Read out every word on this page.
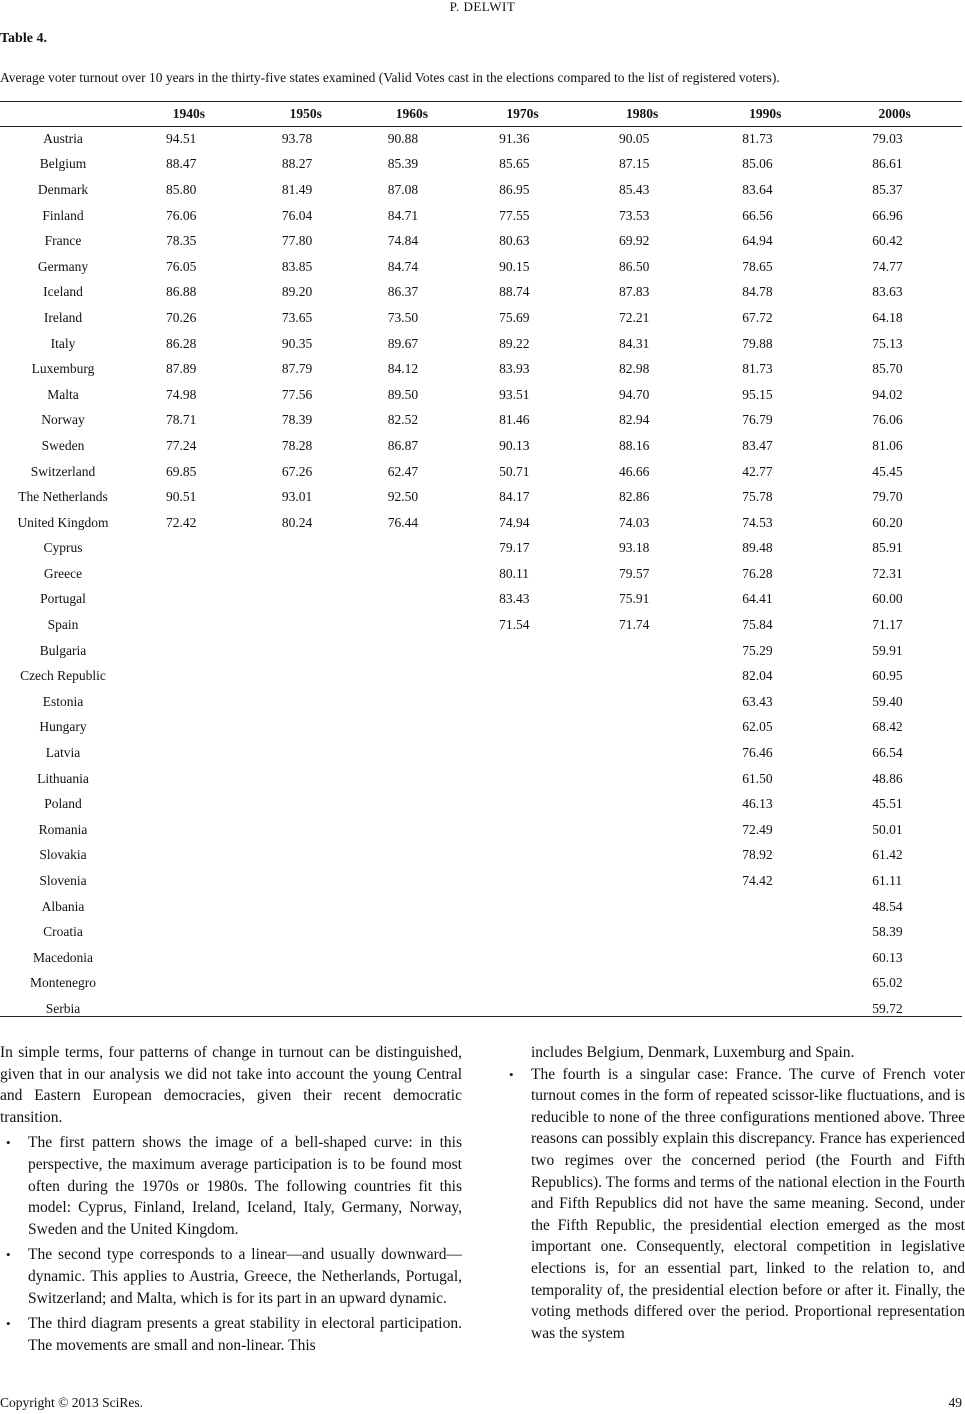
P. DELWIT
Table 4.
Average voter turnout over 10 years in the thirty-five states examined (Valid Votes cast in the elections compared to the list of registered voters).
	1940s	1950s	1960s	1970s	1980s	1990s	2000s
Austria	94.51	93.78	90.88	91.36	90.05	81.73	79.03
Belgium	88.47	88.27	85.39	85.65	87.15	85.06	86.61
Denmark	85.80	81.49	87.08	86.95	85.43	83.64	85.37
Finland	76.06	76.04	84.71	77.55	73.53	66.56	66.96
France	78.35	77.80	74.84	80.63	69.92	64.94	60.42
Germany	76.05	83.85	84.74	90.15	86.50	78.65	74.77
Iceland	86.88	89.20	86.37	88.74	87.83	84.78	83.63
Ireland	70.26	73.65	73.50	75.69	72.21	67.72	64.18
Italy	86.28	90.35	89.67	89.22	84.31	79.88	75.13
Luxemburg	87.89	87.79	84.12	83.93	82.98	81.73	85.70
Malta	74.98	77.56	89.50	93.51	94.70	95.15	94.02
Norway	78.71	78.39	82.52	81.46	82.94	76.79	76.06
Sweden	77.24	78.28	86.87	90.13	88.16	83.47	81.06
Switzerland	69.85	67.26	62.47	50.71	46.66	42.77	45.45
The Netherlands	90.51	93.01	92.50	84.17	82.86	75.78	79.70
United Kingdom	72.42	80.24	76.44	74.94	74.03	74.53	60.20
Cyprus				79.17	93.18	89.48	85.91
Greece				80.11	79.57	76.28	72.31
Portugal				83.43	75.91	64.41	60.00
Spain				71.54	71.74	75.84	71.17
Bulgaria						75.29	59.91
Czech Republic						82.04	60.95
Estonia						63.43	59.40
Hungary						62.05	68.42
Latvia						76.46	66.54
Lithuania						61.50	48.86
Poland						46.13	45.51
Romania						72.49	50.01
Slovakia						78.92	61.42
Slovenia						74.42	61.11
Albania							48.54
Croatia							58.39
Macedonia							60.13
Montenegro							65.02
Serbia							59.72

In simple terms, four patterns of change in turnout can be distinguished, given that in our analysis we did not take into account the young Central and Eastern European democracies, given their recent democratic transition.

• The first pattern shows the image of a bell-shaped curve: in this perspective, the maximum average participation is to be found most often during the 1970s or 1980s. The following countries fit this model: Cyprus, Finland, Ireland, Iceland, Italy, Germany, Norway, Sweden and the United Kingdom.
• The second type corresponds to a linear—and usually downward—dynamic. This applies to Austria, Greece, the Netherlands, Portugal, Switzerland; and Malta, which is for its part in an upward dynamic.
• The third diagram presents a great stability in electoral participation. The movements are small and non-linear. This

includes Belgium, Denmark, Luxemburg and Spain.

• The fourth is a singular case: France. The curve of French voter turnout comes in the form of repeated scissor-like fluctuations, and is reducible to none of the three configurations mentioned above. Three reasons can possibly explain this discrepancy. France has experienced two regimes over the concerned period (the Fourth and Fifth Republics). The forms and terms of the national election in the Fourth and Fifth Republics did not have the same meaning. Second, under the Fifth Republic, the presidential election emerged as the most important one. Consequently, electoral competition in legislative elections is, for an essential part, linked to the relation to, and temporality of, the presidential election before or after it. Finally, the voting methods differed over the period. Proportional representation was the system
Copyright © 2013 SciRes.	49
